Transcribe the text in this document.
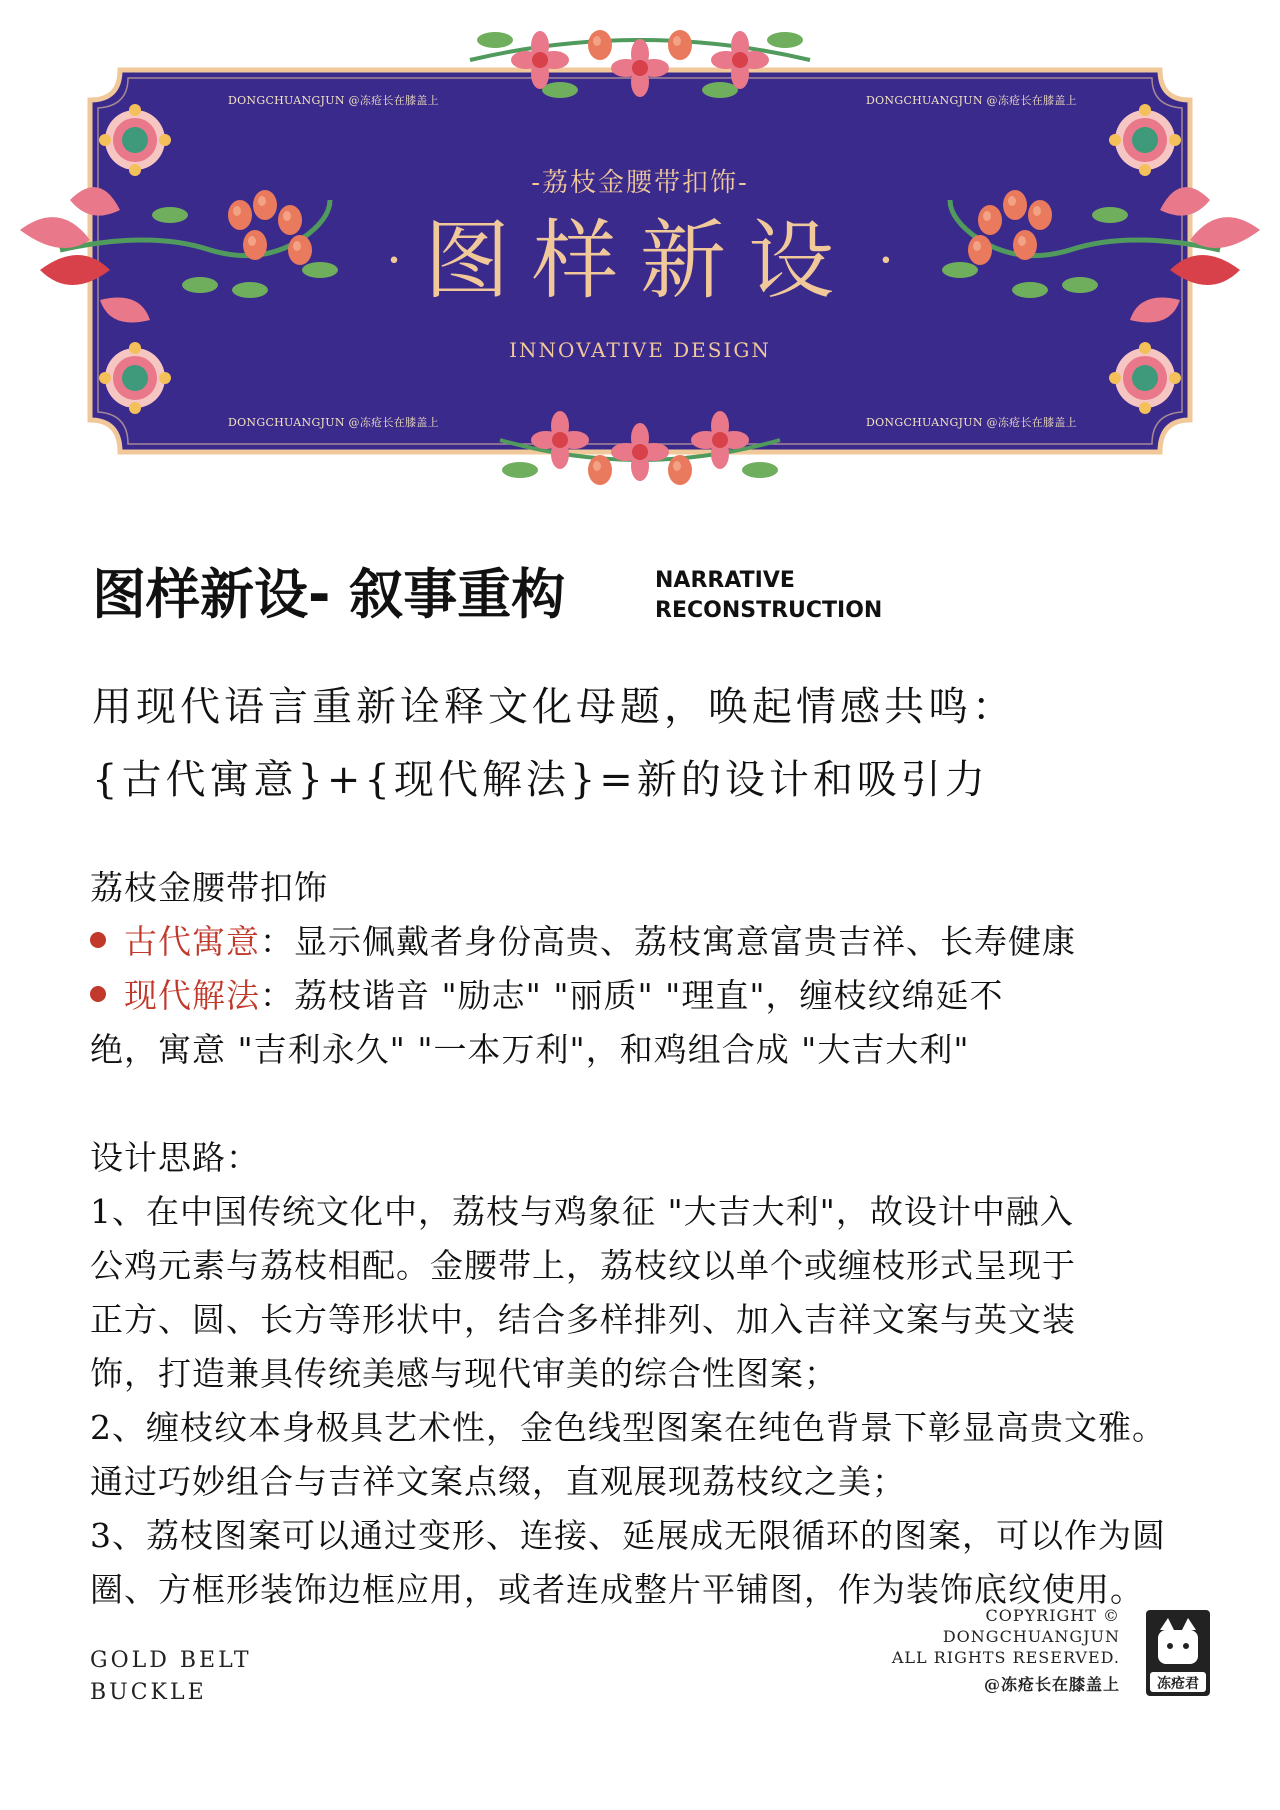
DONGCHUANGJUN @冻疮长在膝盖上	DONGCHUANGJUN @冻疮长在膝盖上
DONGCHUANGJUN @冻疮长在膝盖上	DONGCHUANGJUN @冻疮长在膝盖上
-荔枝金腰带扣饰-
· 图样新设 ·
INNOVATIVE DESIGN
图样新设- 叙事重构	NARRATIVE
RECONSTRUCTION
用现代语言重新诠释文化母题，唤起情感共鸣：
{古代寓意}+{现代解法}=新的设计和吸引力
荔枝金腰带扣饰
古代寓意：显示佩戴者身份高贵、荔枝寓意富贵吉祥、长寿健康
现代解法：荔枝谐音 "励志" "丽质" "理直"，缠枝纹绵延不
绝，寓意 "吉利永久" "一本万利"，和鸡组合成 "大吉大利"
设计思路：
1、在中国传统文化中，荔枝与鸡象征 "大吉大利"，故设计中融入
公鸡元素与荔枝相配。金腰带上，荔枝纹以单个或缠枝形式呈现于
正方、圆、长方等形状中，结合多样排列、加入吉祥文案与英文装
饰，打造兼具传统美感与现代审美的综合性图案；
2、缠枝纹本身极具艺术性，金色线型图案在纯色背景下彰显高贵文雅。
通过巧妙组合与吉祥文案点缀，直观展现荔枝纹之美；
3、荔枝图案可以通过变形、连接、延展成无限循环的图案，可以作为圆
圈、方框形装饰边框应用，或者连成整片平铺图，作为装饰底纹使用。
GOLD BELT
BUCKLE
COPYRIGHT ©
DONGCHUANGJUN
ALL RIGHTS RESERVED.
@冻疮长在膝盖上	冻疮君
